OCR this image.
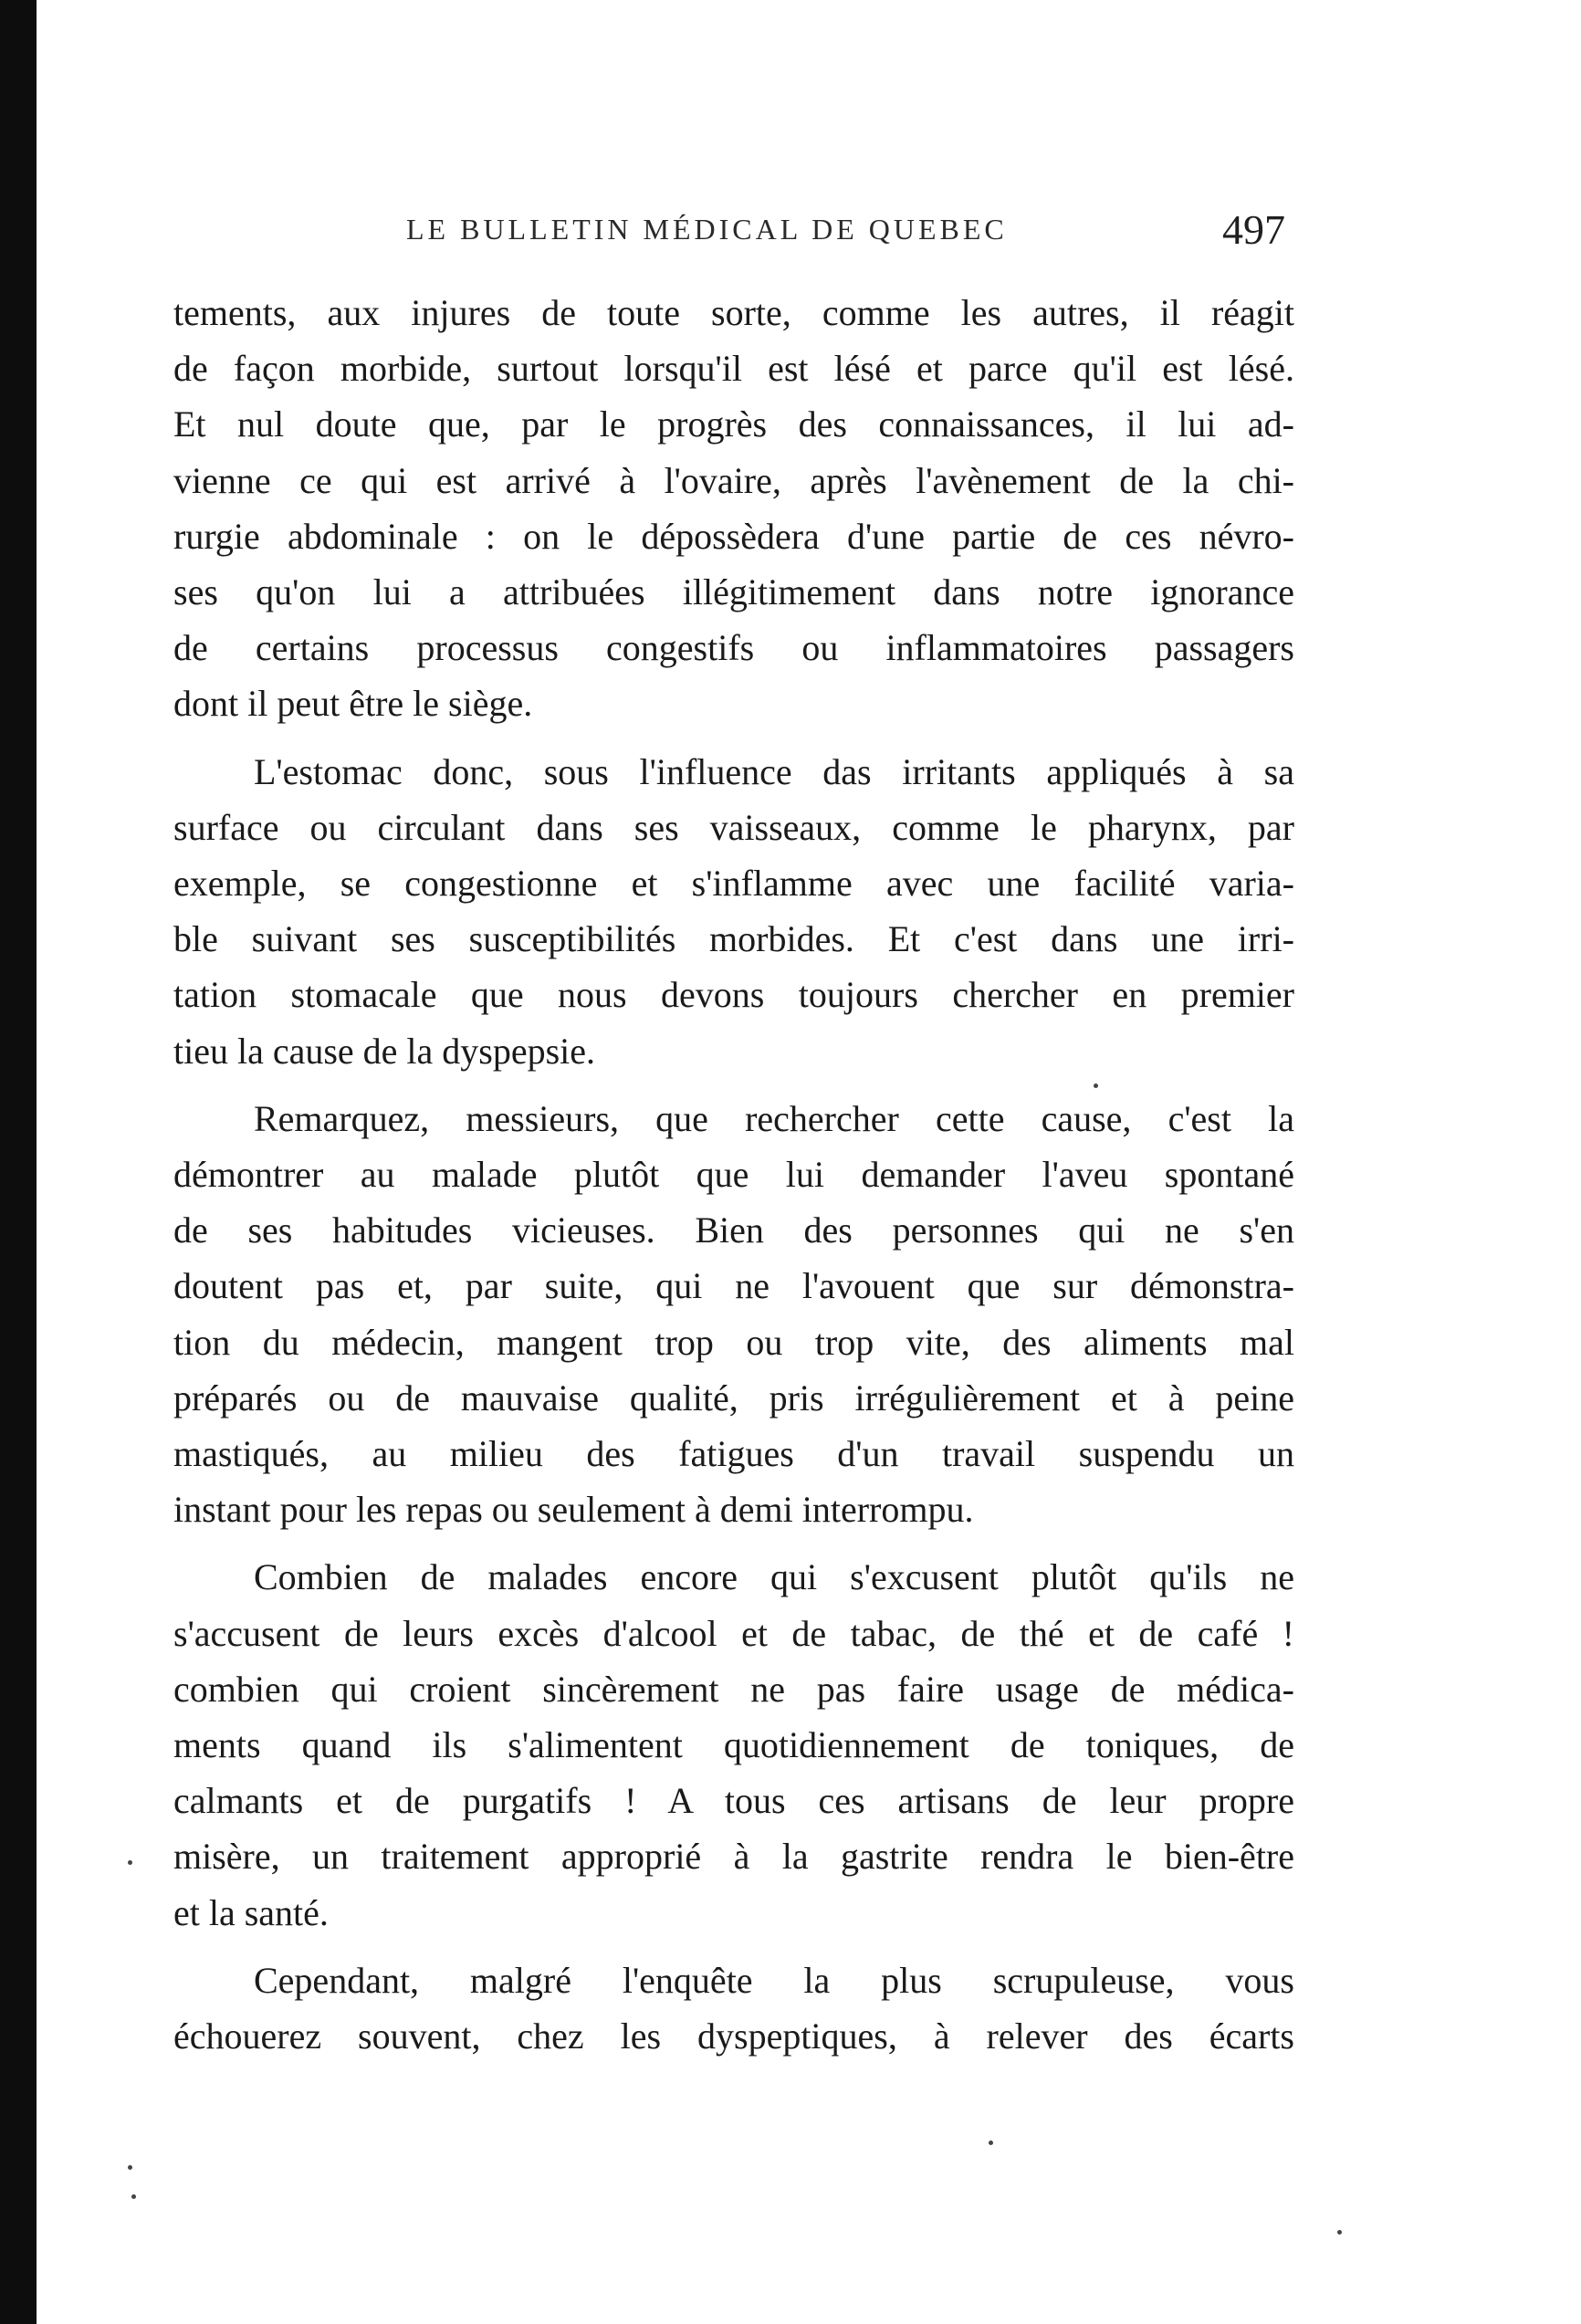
LE BULLETIN MÉDICAL DE QUEBEC	497
tements, aux injures de toute sorte, comme les autres, il réagit
de façon morbide, surtout lorsqu'il est lésé et parce qu'il est lésé.
Et nul doute que, par le progrès des connaissances, il lui ad-
vienne ce qui est arrivé à l'ovaire, après l'avènement de la chi-
rurgie abdominale : on le dépossèdera d'une partie de ces névro-
ses qu'on lui a attribuées illégitimement dans notre ignorance
de certains processus congestifs ou inflammatoires passagers
dont il peut être le siège.
L'estomac donc, sous l'influence das irritants appliqués à sa
surface ou circulant dans ses vaisseaux, comme le pharynx, par
exemple, se congestionne et s'inflamme avec une facilité varia-
ble suivant ses susceptibilités morbides. Et c'est dans une irri-
tation stomacale que nous devons toujours chercher en premier
tieu la cause de la dyspepsie.
Remarquez, messieurs, que rechercher cette cause, c'est la
démontrer au malade plutôt que lui demander l'aveu spontané
de ses habitudes vicieuses. Bien des personnes qui ne s'en
doutent pas et, par suite, qui ne l'avouent que sur démonstra-
tion du médecin, mangent trop ou trop vite, des aliments mal
préparés ou de mauvaise qualité, pris irrégulièrement et à peine
mastiqués, au milieu des fatigues d'un travail suspendu un
instant pour les repas ou seulement à demi interrompu.
Combien de malades encore qui s'excusent plutôt qu'ils ne
s'accusent de leurs excès d'alcool et de tabac, de thé et de café !
combien qui croient sincèrement ne pas faire usage de médica-
ments quand ils s'alimentent quotidiennement de toniques, de
calmants et de purgatifs ! A tous ces artisans de leur propre
misère, un traitement approprié à la gastrite rendra le bien-être
et la santé.
Cependant, malgré l'enquête la plus scrupuleuse, vous
échouerez souvent, chez les dyspeptiques, à relever des écarts
